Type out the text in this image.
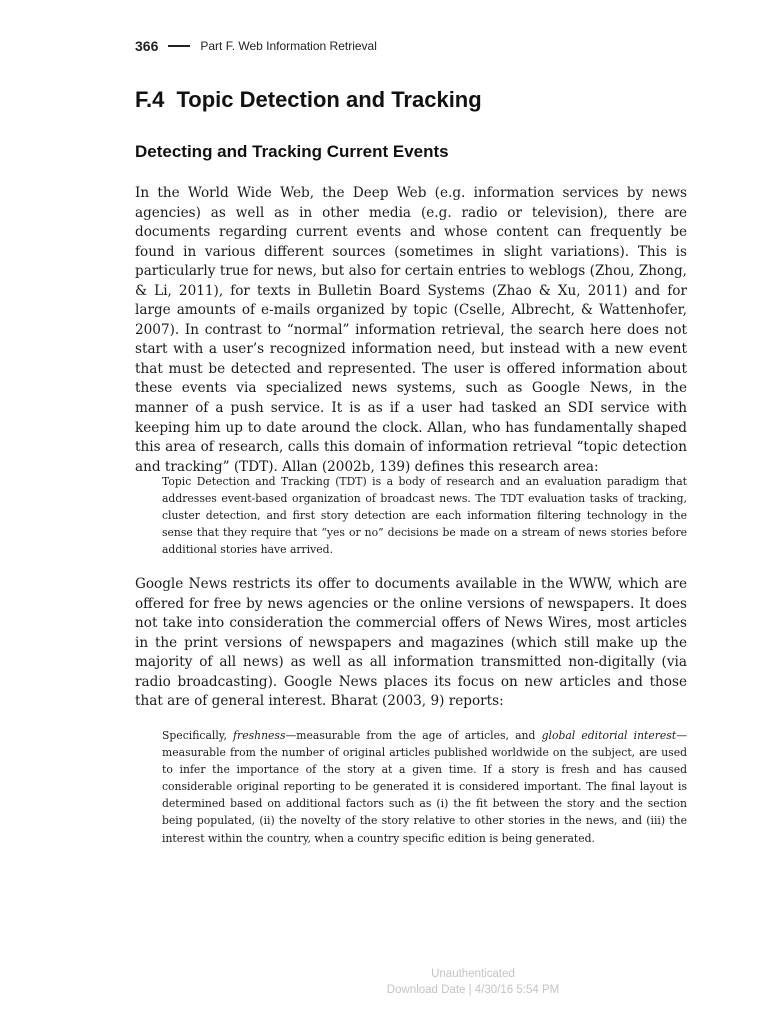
366	Part F. Web Information Retrieval
F.4 Topic Detection and Tracking
Detecting and Tracking Current Events

In the World Wide Web, the Deep Web (e.g. information services by news agencies) as well as in other media (e.g. radio or television), there are documents regarding current events and whose content can frequently be found in various different sources (sometimes in slight variations). This is particularly true for news, but also for certain entries to weblogs (Zhou, Zhong, & Li, 2011), for texts in Bulletin Board Systems (Zhao & Xu, 2011) and for large amounts of e-mails organized by topic (Cselle, Albrecht, & Wattenhofer, 2007). In contrast to “normal” information retrieval, the search here does not start with a user’s recognized information need, but instead with a new event that must be detected and represented. The user is offered information about these events via specialized news systems, such as Google News, in the manner of a push service. It is as if a user had tasked an SDI service with keeping him up to date around the clock. Allan, who has fundamentally shaped this area of research, calls this domain of information retrieval “topic detection and tracking” (TDT). Allan (2002b, 139) defines this research area:

Topic Detection and Tracking (TDT) is a body of research and an evaluation paradigm that addresses event-based organization of broadcast news. The TDT evaluation tasks of tracking, cluster detection, and first story detection are each information filtering technology in the sense that they require that “yes or no” decisions be made on a stream of news stories before additional stories have arrived.

Google News restricts its offer to documents available in the WWW, which are offered for free by news agencies or the online versions of newspapers. It does not take into consideration the commercial offers of News Wires, most articles in the print versions of newspapers and magazines (which still make up the majority of all news) as well as all information transmitted non-digitally (via radio broadcasting). Google News places its focus on new articles and those that are of general interest. Bharat (2003, 9) reports:

Specifically, freshness—measurable from the age of articles, and global editorial interest—measurable from the number of original articles published worldwide on the subject, are used to infer the importance of the story at a given time. If a story is fresh and has caused considerable original reporting to be generated it is considered important. The final layout is determined based on additional factors such as (i) the fit between the story and the section being populated, (ii) the novelty of the story relative to other stories in the news, and (iii) the interest within the country, when a country specific edition is being generated.

Unauthenticated
Download Date | 4/30/16 5:54 PM
